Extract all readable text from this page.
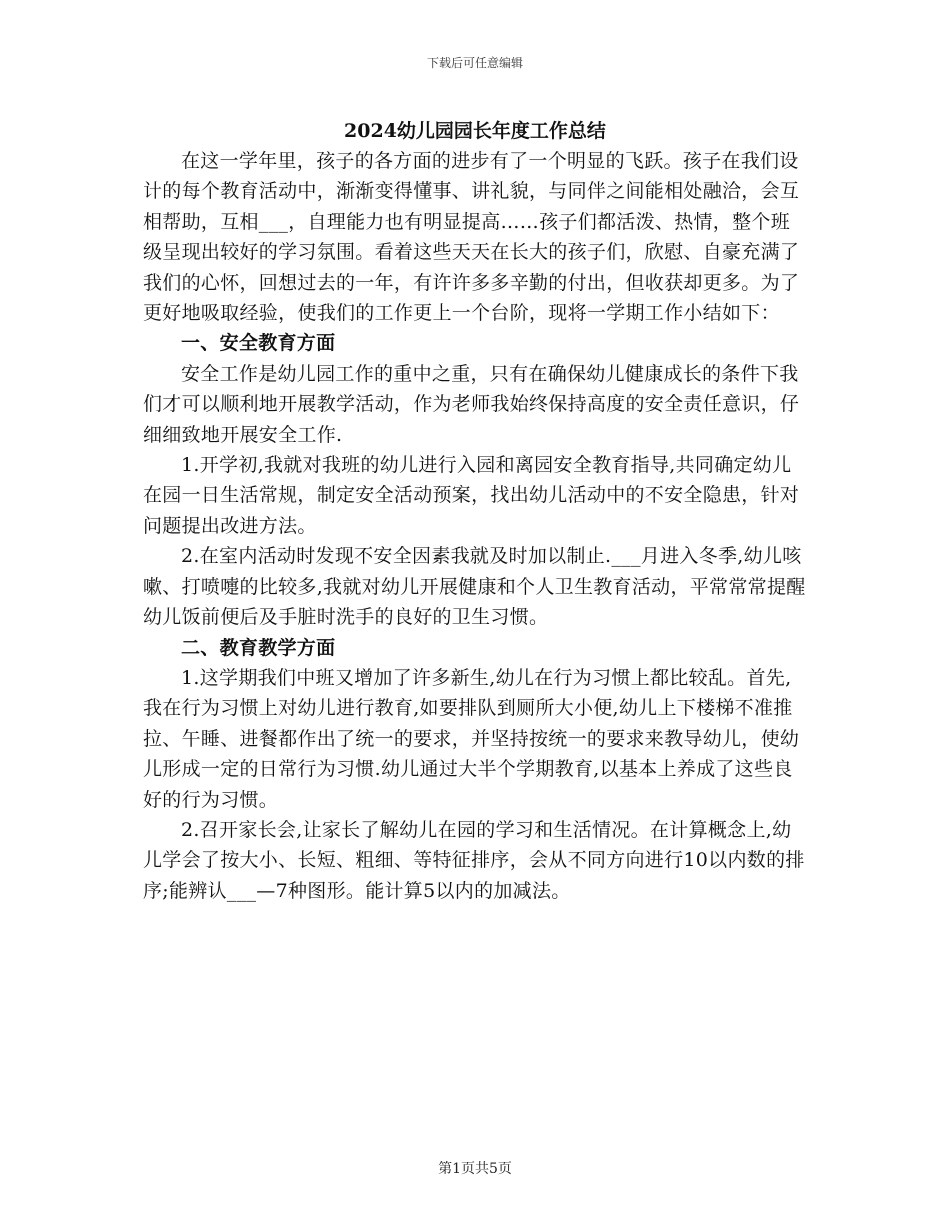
下载后可任意编辑
2024幼儿园园长年度工作总结

在这一学年里，孩子的各方面的进步有了一个明显的飞跃。孩子在我们设计的每个教育活动中，渐渐变得懂事、讲礼貌，与同伴之间能相处融洽，会互相帮助，互相___，自理能力也有明显提高……孩子们都活泼、热情，整个班级呈现出较好的学习氛围。看着这些天天在长大的孩子们，欣慰、自豪充满了我们的心怀，回想过去的一年，有许许多多辛勤的付出，但收获却更多。为了更好地吸取经验，使我们的工作更上一个台阶，现将一学期工作小结如下：

一、安全教育方面

安全工作是幼儿园工作的重中之重，只有在确保幼儿健康成长的条件下我们才可以顺利地开展教学活动，作为老师我始终保持高度的安全责任意识，仔细细致地开展安全工作.

1.开学初,我就对我班的幼儿进行入园和离园安全教育指导,共同确定幼儿在园一日生活常规，制定安全活动预案，找出幼儿活动中的不安全隐患，针对问题提出改进方法。

2.在室内活动时发现不安全因素我就及时加以制止.___月进入冬季,幼儿咳嗽、打喷嚏的比较多,我就对幼儿开展健康和个人卫生教育活动，平常常常提醒幼儿饭前便后及手脏时洗手的良好的卫生习惯。

二、教育教学方面

1.这学期我们中班又增加了许多新生,幼儿在行为习惯上都比较乱。首先,我在行为习惯上对幼儿进行教育,如要排队到厕所大小便,幼儿上下楼梯不准推拉、午睡、进餐都作出了统一的要求，并坚持按统一的要求来教导幼儿，使幼儿形成一定的日常行为习惯.幼儿通过大半个学期教育,以基本上养成了这些良好的行为习惯。

2.召开家长会,让家长了解幼儿在园的学习和生活情况。在计算概念上,幼儿学会了按大小、长短、粗细、等特征排序，会从不同方向进行10以内数的排序;能辨认___—7种图形。能计算5以内的加减法。

第1页共5页
